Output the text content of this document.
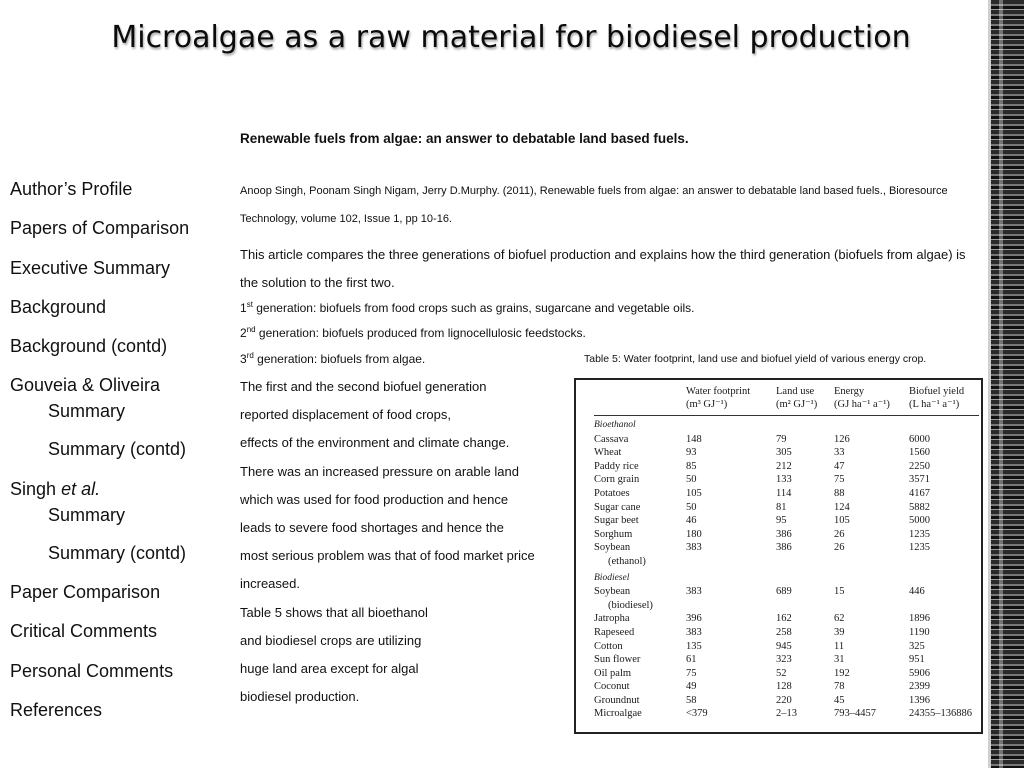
Microalgae as a raw material for biodiesel production
Author’s Profile
Papers of Comparison
Executive Summary
Background
Background (contd)
Gouveia & Oliveira
Summary
Summary (contd)
Singh et al.
Summary
Summary (contd)
Paper Comparison
Critical Comments
Personal Comments
References
Renewable fuels from algae: an answer to debatable land based fuels.
Anoop Singh, Poonam Singh Nigam, Jerry D.Murphy. (2011), Renewable fuels from algae: an answer to debatable land based fuels., Bioresource Technology, volume 102, Issue 1, pp 10-16.
This article compares the three generations of biofuel production and explains how the third generation (biofuels from algae) is the solution to the first two.
1st generation: biofuels from food crops such as grains, sugarcane and vegetable oils.
2nd generation: biofuels produced from lignocellulosic feedstocks.
3rd generation: biofuels from algae.
The first and the second biofuel generation
reported displacement of food crops,
effects of the environment and climate change.
There was an increased pressure on arable land
which was used for food production and hence
leads to severe food shortages and hence the
most serious problem was that of food market price
increased.
Table 5 shows that all bioethanol
and biodiesel crops are utilizing
huge land area except for algal
biodiesel production.
Table 5: Water footprint, land use and biofuel yield of various energy crop.
	Water footprint
(m³ GJ⁻¹)	Land use
(m² GJ⁻¹)	Energy
(GJ ha⁻¹ a⁻¹)	Biofuel yield
(L ha⁻¹ a⁻¹)
Bioethanol				
Cassava	148	79	126	6000
Wheat	93	305	33	1560
Paddy rice	85	212	47	2250
Corn grain	50	133	75	3571
Potatoes	105	114	88	4167
Sugar cane	50	81	124	5882
Sugar beet	46	95	105	5000
Sorghum	180	386	26	1235
Soybean	383	386	26	1235
(ethanol)				
Biodiesel				
Soybean	383	689	15	446
(biodiesel)				
Jatropha	396	162	62	1896
Rapeseed	383	258	39	1190
Cotton	135	945	11	325
Sun flower	61	323	31	951
Oil palm	75	52	192	5906
Coconut	49	128	78	2399
Groundnut	58	220	45	1396
Microalgae	<379	2–13	793–4457	24355–136886
